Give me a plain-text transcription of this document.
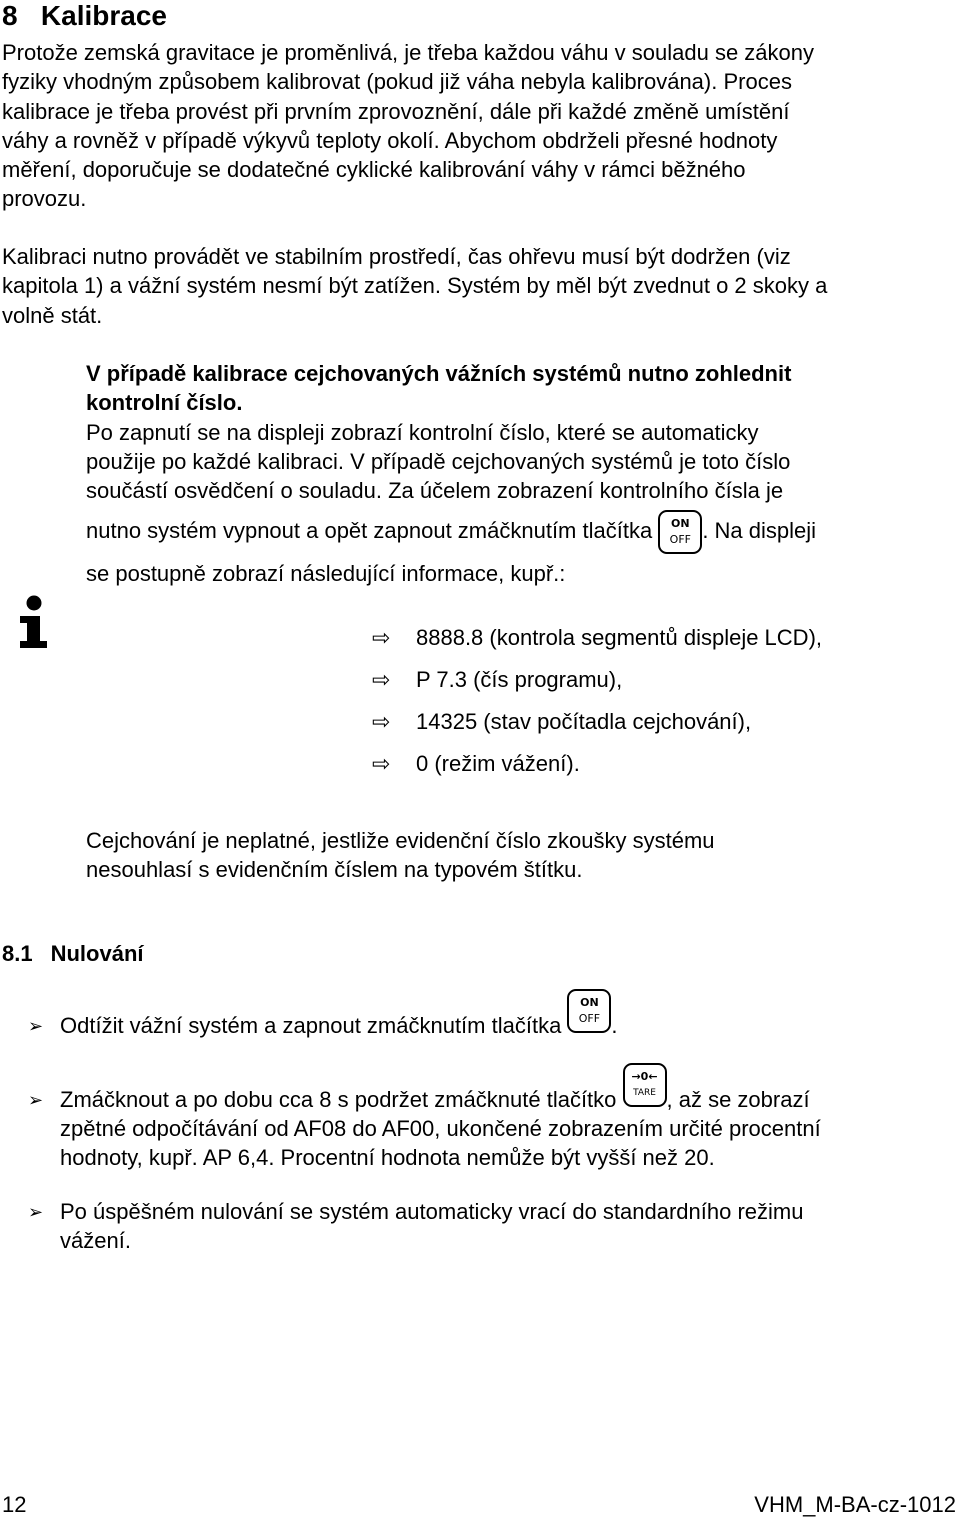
8 Kalibrace
Protože zemská gravitace je proměnlivá, je třeba každou váhu v souladu se zákony
fyziky vhodným způsobem kalibrovat (pokud již váha nebyla kalibrována). Proces
kalibrace je třeba provést při prvním zprovoznění, dále při každé změně umístění
váhy a rovněž v případě výkyvů teploty okolí. Abychom obdrželi přesné hodnoty
měření, doporučuje se dodatečné cyklické kalibrování váhy v rámci běžného
provozu.
Kalibraci nutno provádět ve stabilním prostředí, čas ohřevu musí být dodržen (viz
kapitola 1) a vážní systém nesmí být zatížen. Systém by měl být zvednut o 2 skoky a
volně stát.
V případě kalibrace cejchovaných vážních systémů nutno zohlednit
kontrolní číslo.
Po zapnutí se na displeji zobrazí kontrolní číslo, které se automaticky
použije po každé kalibraci. V případě cejchovaných systémů je toto číslo
součástí osvědčení o souladu. Za účelem zobrazení kontrolního čísla je
nutno systém vypnout a opět zapnout zmáčknutím tlačítka	ON
OFF . Na displeji
se postupně zobrazí následující informace, kupř.:
⇨ 8888.8 (kontrola segmentů displeje LCD),
⇨ P 7.3 (čís programu),
⇨ 14325 (stav počítadla cejchování),
⇨ 0 (režim vážení).
Cejchování je neplatné, jestliže evidenční číslo zkoušky systému
nesouhlasí s evidenčním číslem na typovém štítku.
8.1 Nulování
➢ Odtížit vážní systém a zapnout zmáčknutím tlačítka
ON
OFF .
➢ Zmáčknout a po dobu cca 8 s podržet zmáčknuté tlačítko
→0←
TARE , až se zobrazí
zpětné odpočítávání od AF08 do AF00, ukončené zobrazením určité procentní
hodnoty, kupř. AP 6,4. Procentní hodnota nemůže být vyšší než 20.
➢ Po úspěšném nulování se systém automaticky vrací do standardního režimu
vážení.
12	VHM_M-BA-cz-1012
